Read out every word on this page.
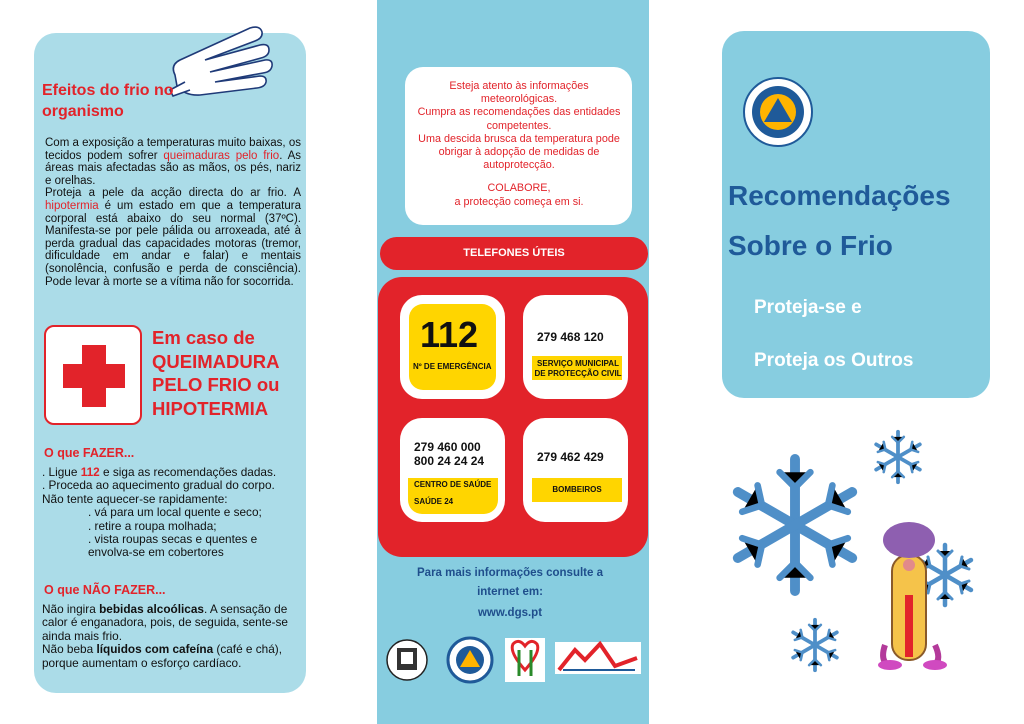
Efeitos do frio no organismo
Com a exposição a temperaturas muito baixas, os tecidos podem sofrer queimaduras pelo frio. As áreas mais afectadas são as mãos, os pés, nariz e orelhas.
Proteja a pele da acção directa do ar frio. A hipotermia é um estado em que a temperatura corporal está abaixo do seu normal (37ºC). Manifesta-se por pele pálida ou arroxeada, até à perda gradual das capacidades motoras (tremor, dificuldade em andar e falar) e mentais (sonolência, confusão e perda de consciência). Pode levar à morte se a vítima não for socorrida.
Em caso de
QUEIMADURA
PELO FRIO ou
HIPOTERMIA
O que FAZER...
. Ligue 112 e siga as recomendações dadas.
. Proceda ao aquecimento gradual do corpo.
Não tente aquecer-se rapidamente:
. vá para um local quente e seco;
. retire a roupa molhada;
. vista roupas secas e quentes e envolva-se em cobertores
O que NÃO FAZER...
Não ingira bebidas alcoólicas. A sensação de calor é enganadora, pois, de seguida, sente-se ainda mais frio.
Não beba líquidos com cafeína (café e chá), porque aumentam o esforço cardíaco.
Esteja atento às informações meteorológicas.
Cumpra as recomendações das entidades competentes.
Uma descida brusca da temperatura pode obrigar à adopção de medidas de autoprotecção.
COLABORE,
a protecção começa em si.
TELEFONES ÚTEIS
112
Nº DE EMERGÊNCIA
279 468 120
SERVIÇO MUNICIPAL DE PROTECÇÃO CIVIL
279 460 000
800 24 24 24
CENTRO DE SAÚDE
SAÚDE 24
279 462 429
BOMBEIROS
Para mais informações consulte a internet em:
www.dgs.pt
Recomendações
Sobre o Frio
Proteja-se e
Proteja os Outros
